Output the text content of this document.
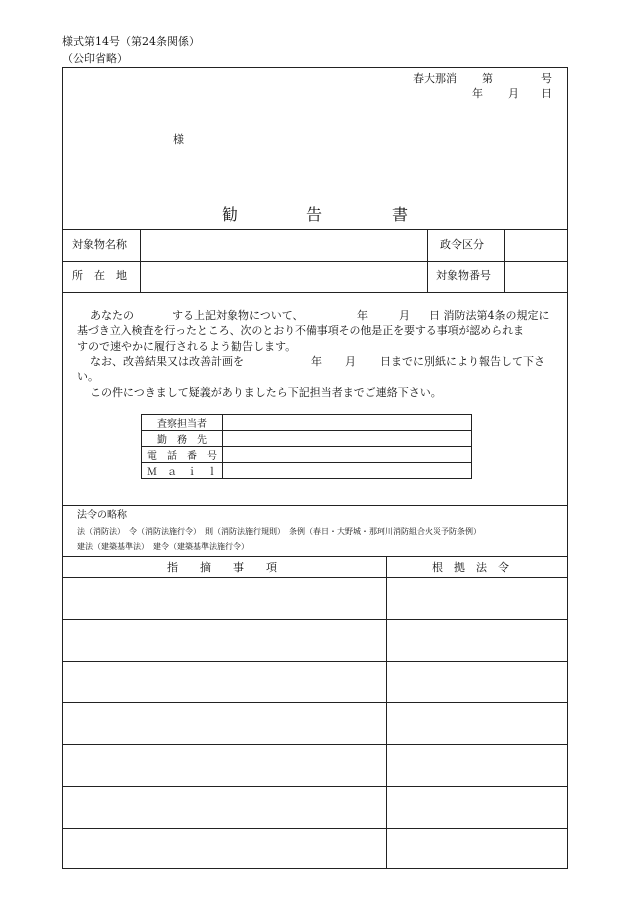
様式第14号（第24条関係）
（公印省略）
春大那消 第	号
年 月 日
様
勧	告	書
対象物名称	政令区分
所　在　地	対象物番号
あなたの	する上記対象物について、	年	月 日 消防法第4条の規定に
基づき立入検査を行ったところ、次のとおり不備事項その他是正を要する事項が認められま
すので速やかに履行されるよう勧告します。
なお、改善結果又は改善計画を	年 月 日までに別紙により報告して下さ
い。
この件につきまして疑義がありましたら下記担当者までご連絡下さい。
査察担当者	
勤　務　先	
電　話　番　号	
Ｍ　ａ　ｉ　ｌ	
法令の略称
法（消防法）　令（消防法施行令）　則（消防法施行規則）　条例（春日・大野城・那珂川消防組合火災予防条例）
建法（建築基準法）　建令（建築基準法施行令）
指　　摘　　事　　項	根　拠　法　令
